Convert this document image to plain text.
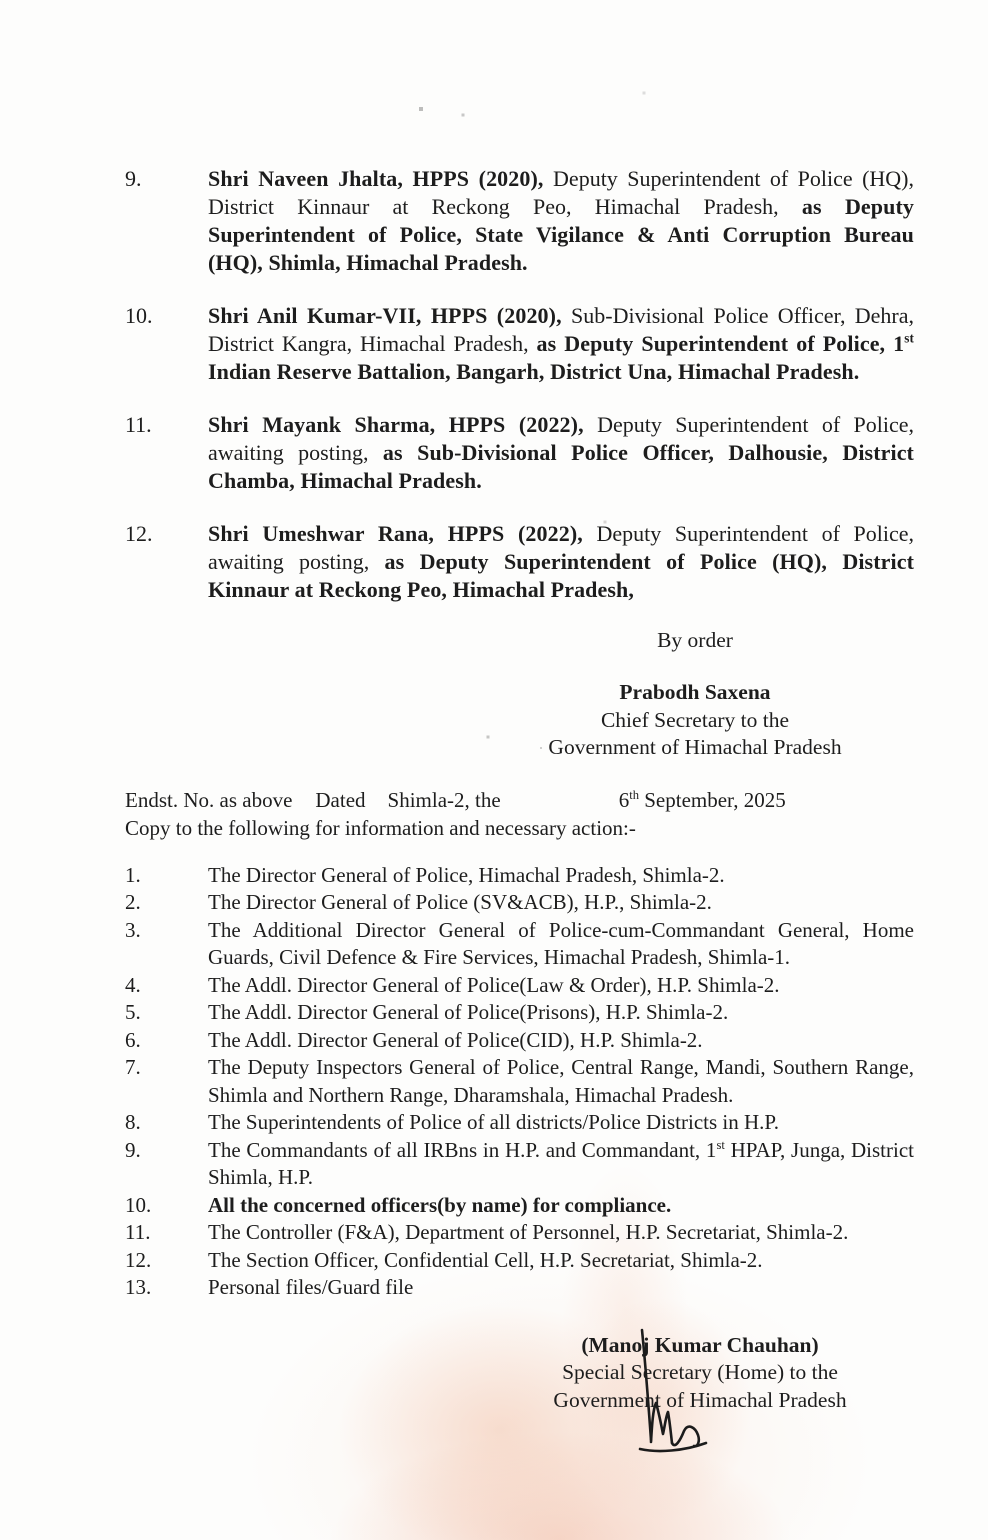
9.	Shri Naveen Jhalta, HPPS (2020), Deputy Superintendent of Police (HQ), District Kinnaur at Reckong Peo, Himachal Pradesh, as Deputy Superintendent of Police, State Vigilance & Anti Corruption Bureau (HQ), Shimla, Himachal Pradesh.
10.	Shri Anil Kumar-VII, HPPS (2020), Sub-Divisional Police Officer, Dehra, District Kangra, Himachal Pradesh, as Deputy Superintendent of Police, 1st Indian Reserve Battalion, Bangarh, District Una, Himachal Pradesh.
11.	Shri Mayank Sharma, HPPS (2022), Deputy Superintendent of Police, awaiting posting, as Sub-Divisional Police Officer, Dalhousie, District Chamba, Himachal Pradesh.
12.	Shri Umeshwar Rana, HPPS (2022), Deputy Superintendent of Police, awaiting posting, as Deputy Superintendent of Police (HQ), District Kinnaur at Reckong Peo, Himachal Pradesh,
By order
Prabodh Saxena
Chief Secretary to the
Government of Himachal Pradesh
Endst. No. as above Dated Shimla-2, the	6th September, 2025
Copy to the following for information and necessary action:-
1.	The Director General of Police, Himachal Pradesh, Shimla-2.
2.	The Director General of Police (SV&ACB), H.P., Shimla-2.
3.	The Additional Director General of Police-cum-Commandant General, Home Guards, Civil Defence & Fire Services, Himachal Pradesh, Shimla-1.
4.	The Addl. Director General of Police(Law & Order), H.P. Shimla-2.
5.	The Addl. Director General of Police(Prisons), H.P. Shimla-2.
6.	The Addl. Director General of Police(CID), H.P. Shimla-2.
7.	The Deputy Inspectors General of Police, Central Range, Mandi, Southern Range, Shimla and Northern Range, Dharamshala, Himachal Pradesh.
8.	The Superintendents of Police of all districts/Police Districts in H.P.
9.	The Commandants of all IRBns in H.P. and Commandant, 1st HPAP, Junga, District Shimla, H.P.
10.	All the concerned officers(by name) for compliance.
11.	The Controller (F&A), Department of Personnel, H.P. Secretariat, Shimla-2.
12.	The Section Officer, Confidential Cell, H.P. Secretariat, Shimla-2.
13.	Personal files/Guard file
(Manoj Kumar Chauhan)
Special Secretary (Home) to the
Government of Himachal Pradesh
